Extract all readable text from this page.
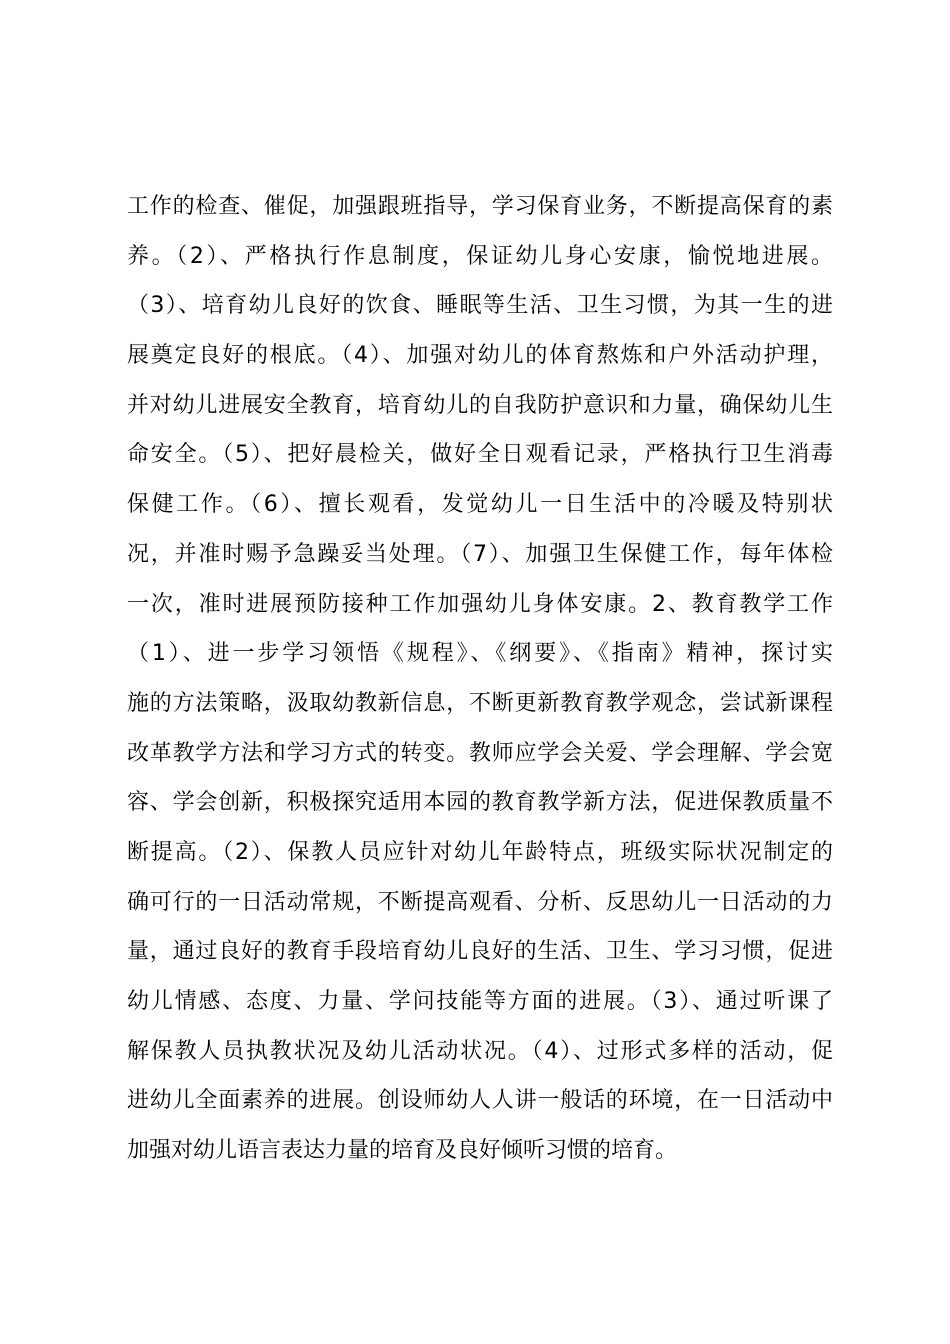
工作的检查、催促，加强跟班指导，学习保育业务，不断提高保育的素
养。（2）、严格执行作息制度，保证幼儿身心安康，愉悦地进展。
（3）、培育幼儿良好的饮食、睡眠等生活、卫生习惯，为其一生的进
展奠定良好的根底。（4）、加强对幼儿的体育熬炼和户外活动护理，
并对幼儿进展安全教育，培育幼儿的自我防护意识和力量，确保幼儿生
命安全。（5）、把好晨检关，做好全日观看记录，严格执行卫生消毒
保健工作。（6）、擅长观看，发觉幼儿一日生活中的冷暖及特别状
况，并准时赐予急躁妥当处理。（7）、加强卫生保健工作，每年体检
一次，准时进展预防接种工作加强幼儿身体安康。2、教育教学工作
（1）、进一步学习领悟《规程》、《纲要》、《指南》精神，探讨实
施的方法策略，汲取幼教新信息，不断更新教育教学观念，尝试新课程
改革教学方法和学习方式的转变。教师应学会关爱、学会理解、学会宽
容、学会创新，积极探究适用本园的教育教学新方法，促进保教质量不
断提高。（2）、保教人员应针对幼儿年龄特点，班级实际状况制定的
确可行的一日活动常规，不断提高观看、分析、反思幼儿一日活动的力
量，通过良好的教育手段培育幼儿良好的生活、卫生、学习习惯，促进
幼儿情感、态度、力量、学问技能等方面的进展。（3）、通过听课了
解保教人员执教状况及幼儿活动状况。（4）、过形式多样的活动，促
进幼儿全面素养的进展。创设师幼人人讲一般话的环境，在一日活动中
加强对幼儿语言表达力量的培育及良好倾听习惯的培育。
